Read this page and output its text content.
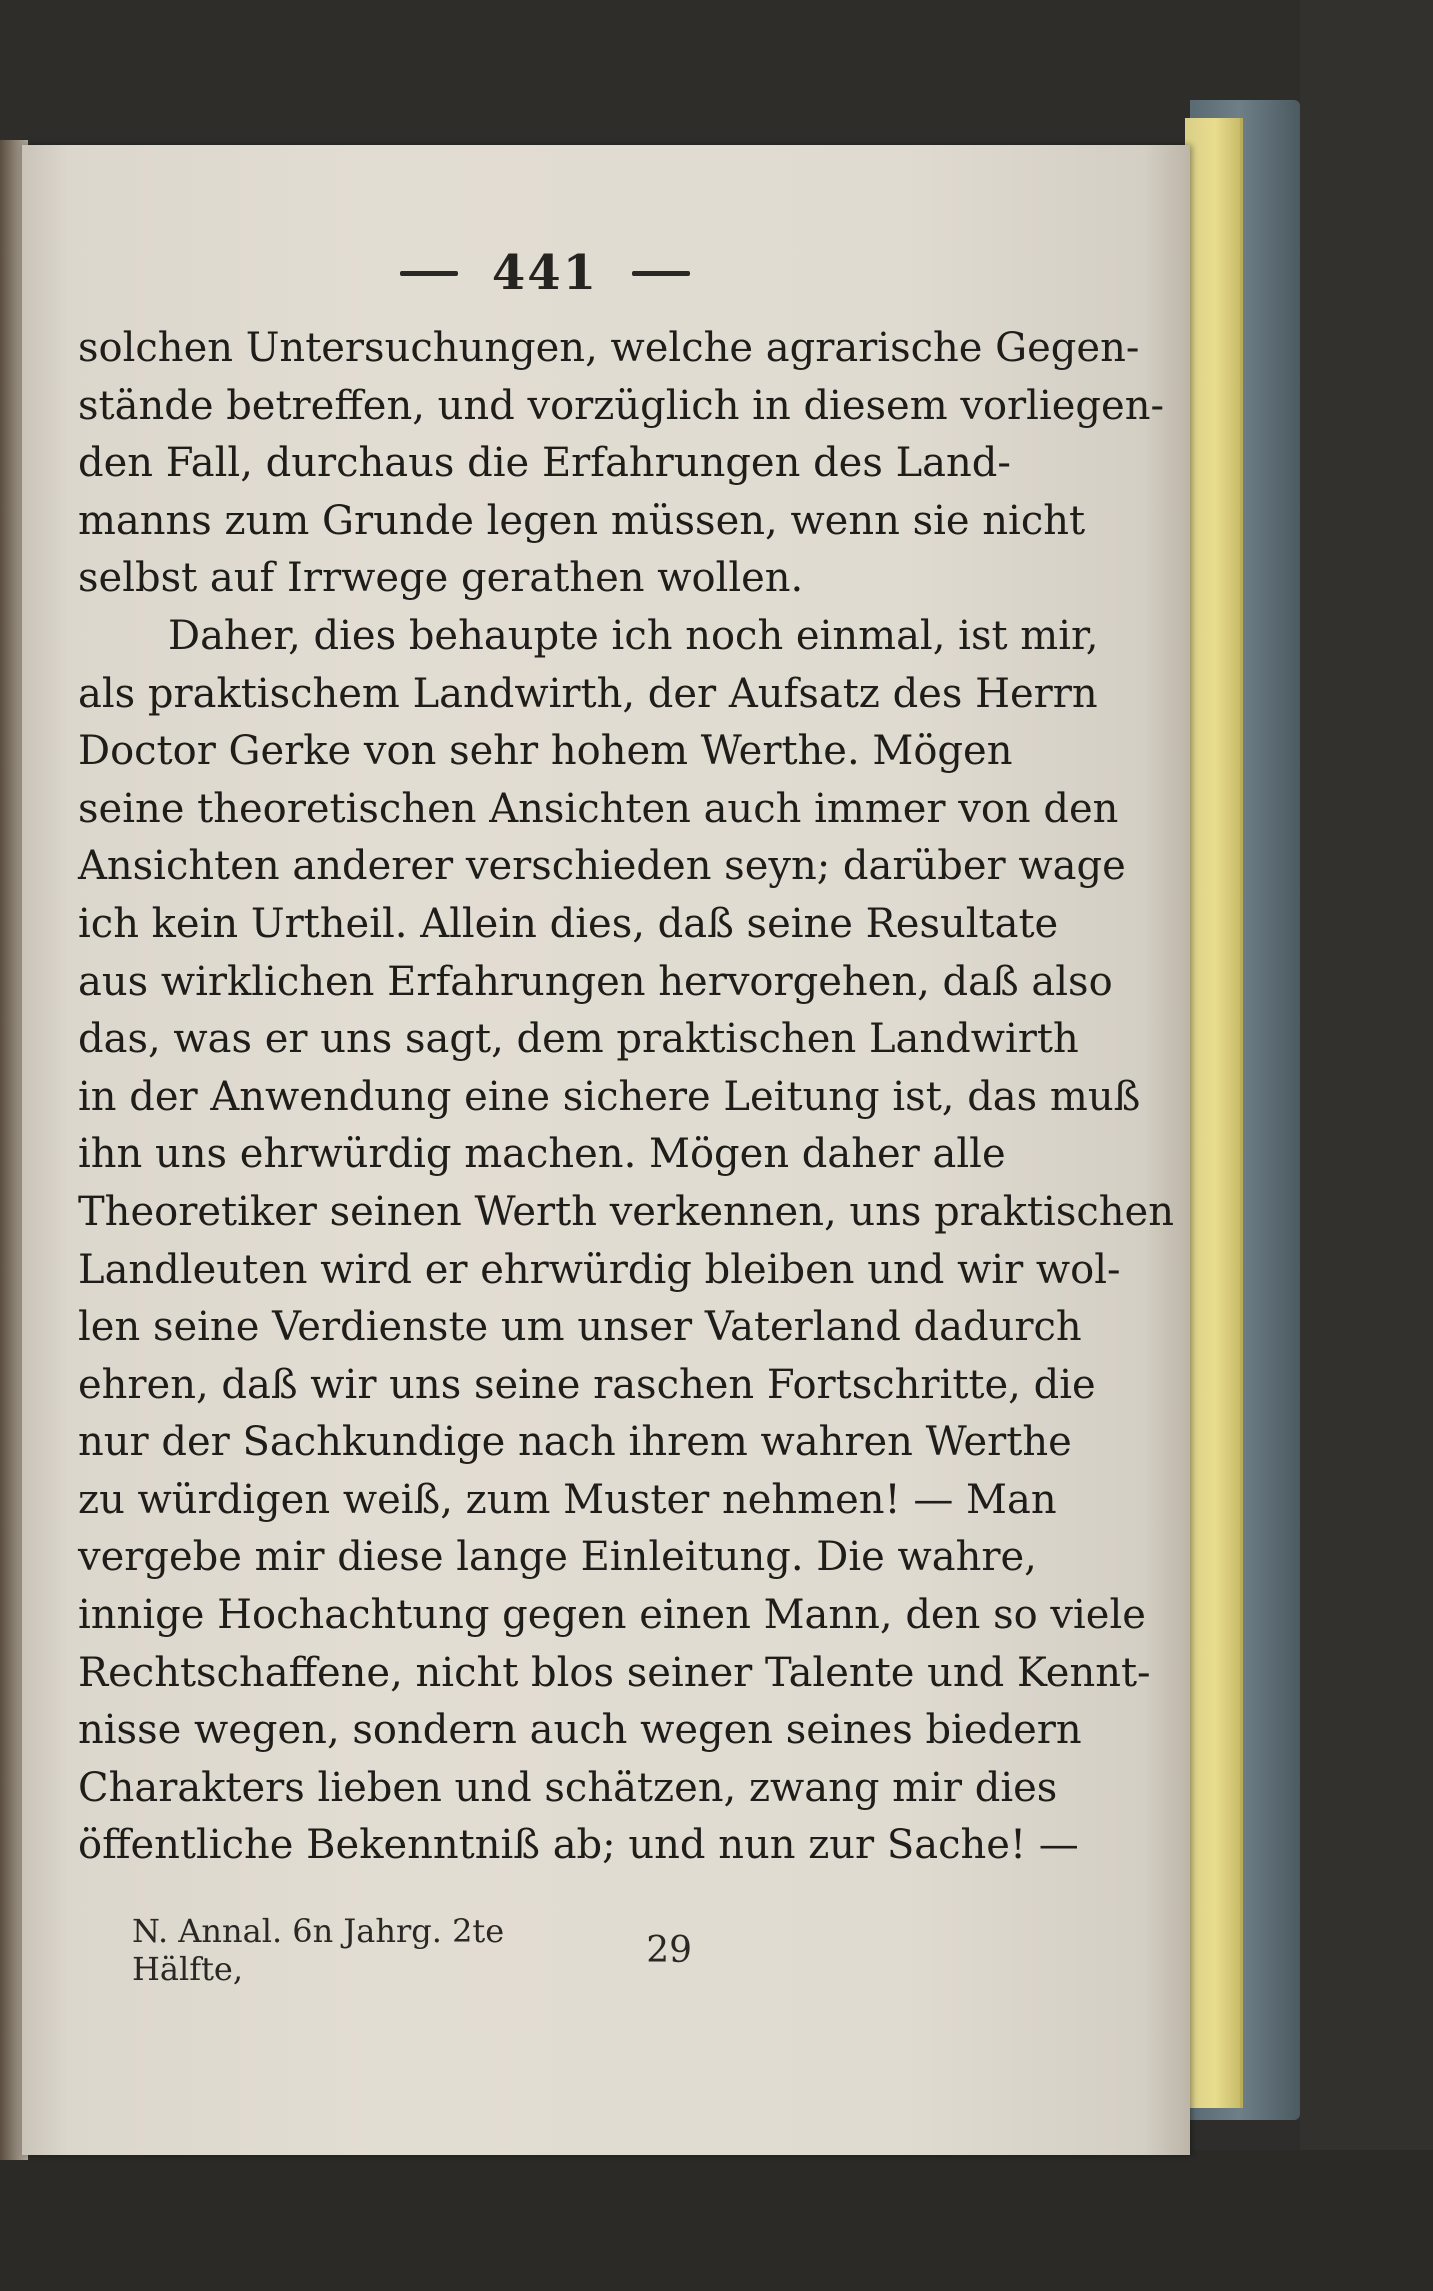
441
solchen Untersuchungen, welche agrarische Gegen-
stände betreffen, und vorzüglich in diesem vorliegen-
den Fall, durchaus die Erfahrungen des Land-
manns zum Grunde legen müssen, wenn sie nicht
selbst auf Irrwege gerathen wollen.
Daher, dies behaupte ich noch einmal, ist mir,
als praktischem Landwirth, der Aufsatz des Herrn
Doctor Gerke von sehr hohem Werthe. Mögen
seine theoretischen Ansichten auch immer von den
Ansichten anderer verschieden seyn; darüber wage
ich kein Urtheil. Allein dies, daß seine Resultate
aus wirklichen Erfahrungen hervorgehen, daß also
das, was er uns sagt, dem praktischen Landwirth
in der Anwendung eine sichere Leitung ist, das muß
ihn uns ehrwürdig machen. Mögen daher alle
Theoretiker seinen Werth verkennen, uns praktischen
Landleuten wird er ehrwürdig bleiben und wir wol-
len seine Verdienste um unser Vaterland dadurch
ehren, daß wir uns seine raschen Fortschritte, die
nur der Sachkundige nach ihrem wahren Werthe
zu würdigen weiß, zum Muster nehmen! — Man
vergebe mir diese lange Einleitung. Die wahre,
innige Hochachtung gegen einen Mann, den so viele
Rechtschaffene, nicht blos seiner Talente und Kennt-
nisse wegen, sondern auch wegen seines biedern
Charakters lieben und schätzen, zwang mir dies
öffentliche Bekenntniß ab; und nun zur Sache! —
N. Annal. 6n Jahrg. 2te Hälfte,	29
